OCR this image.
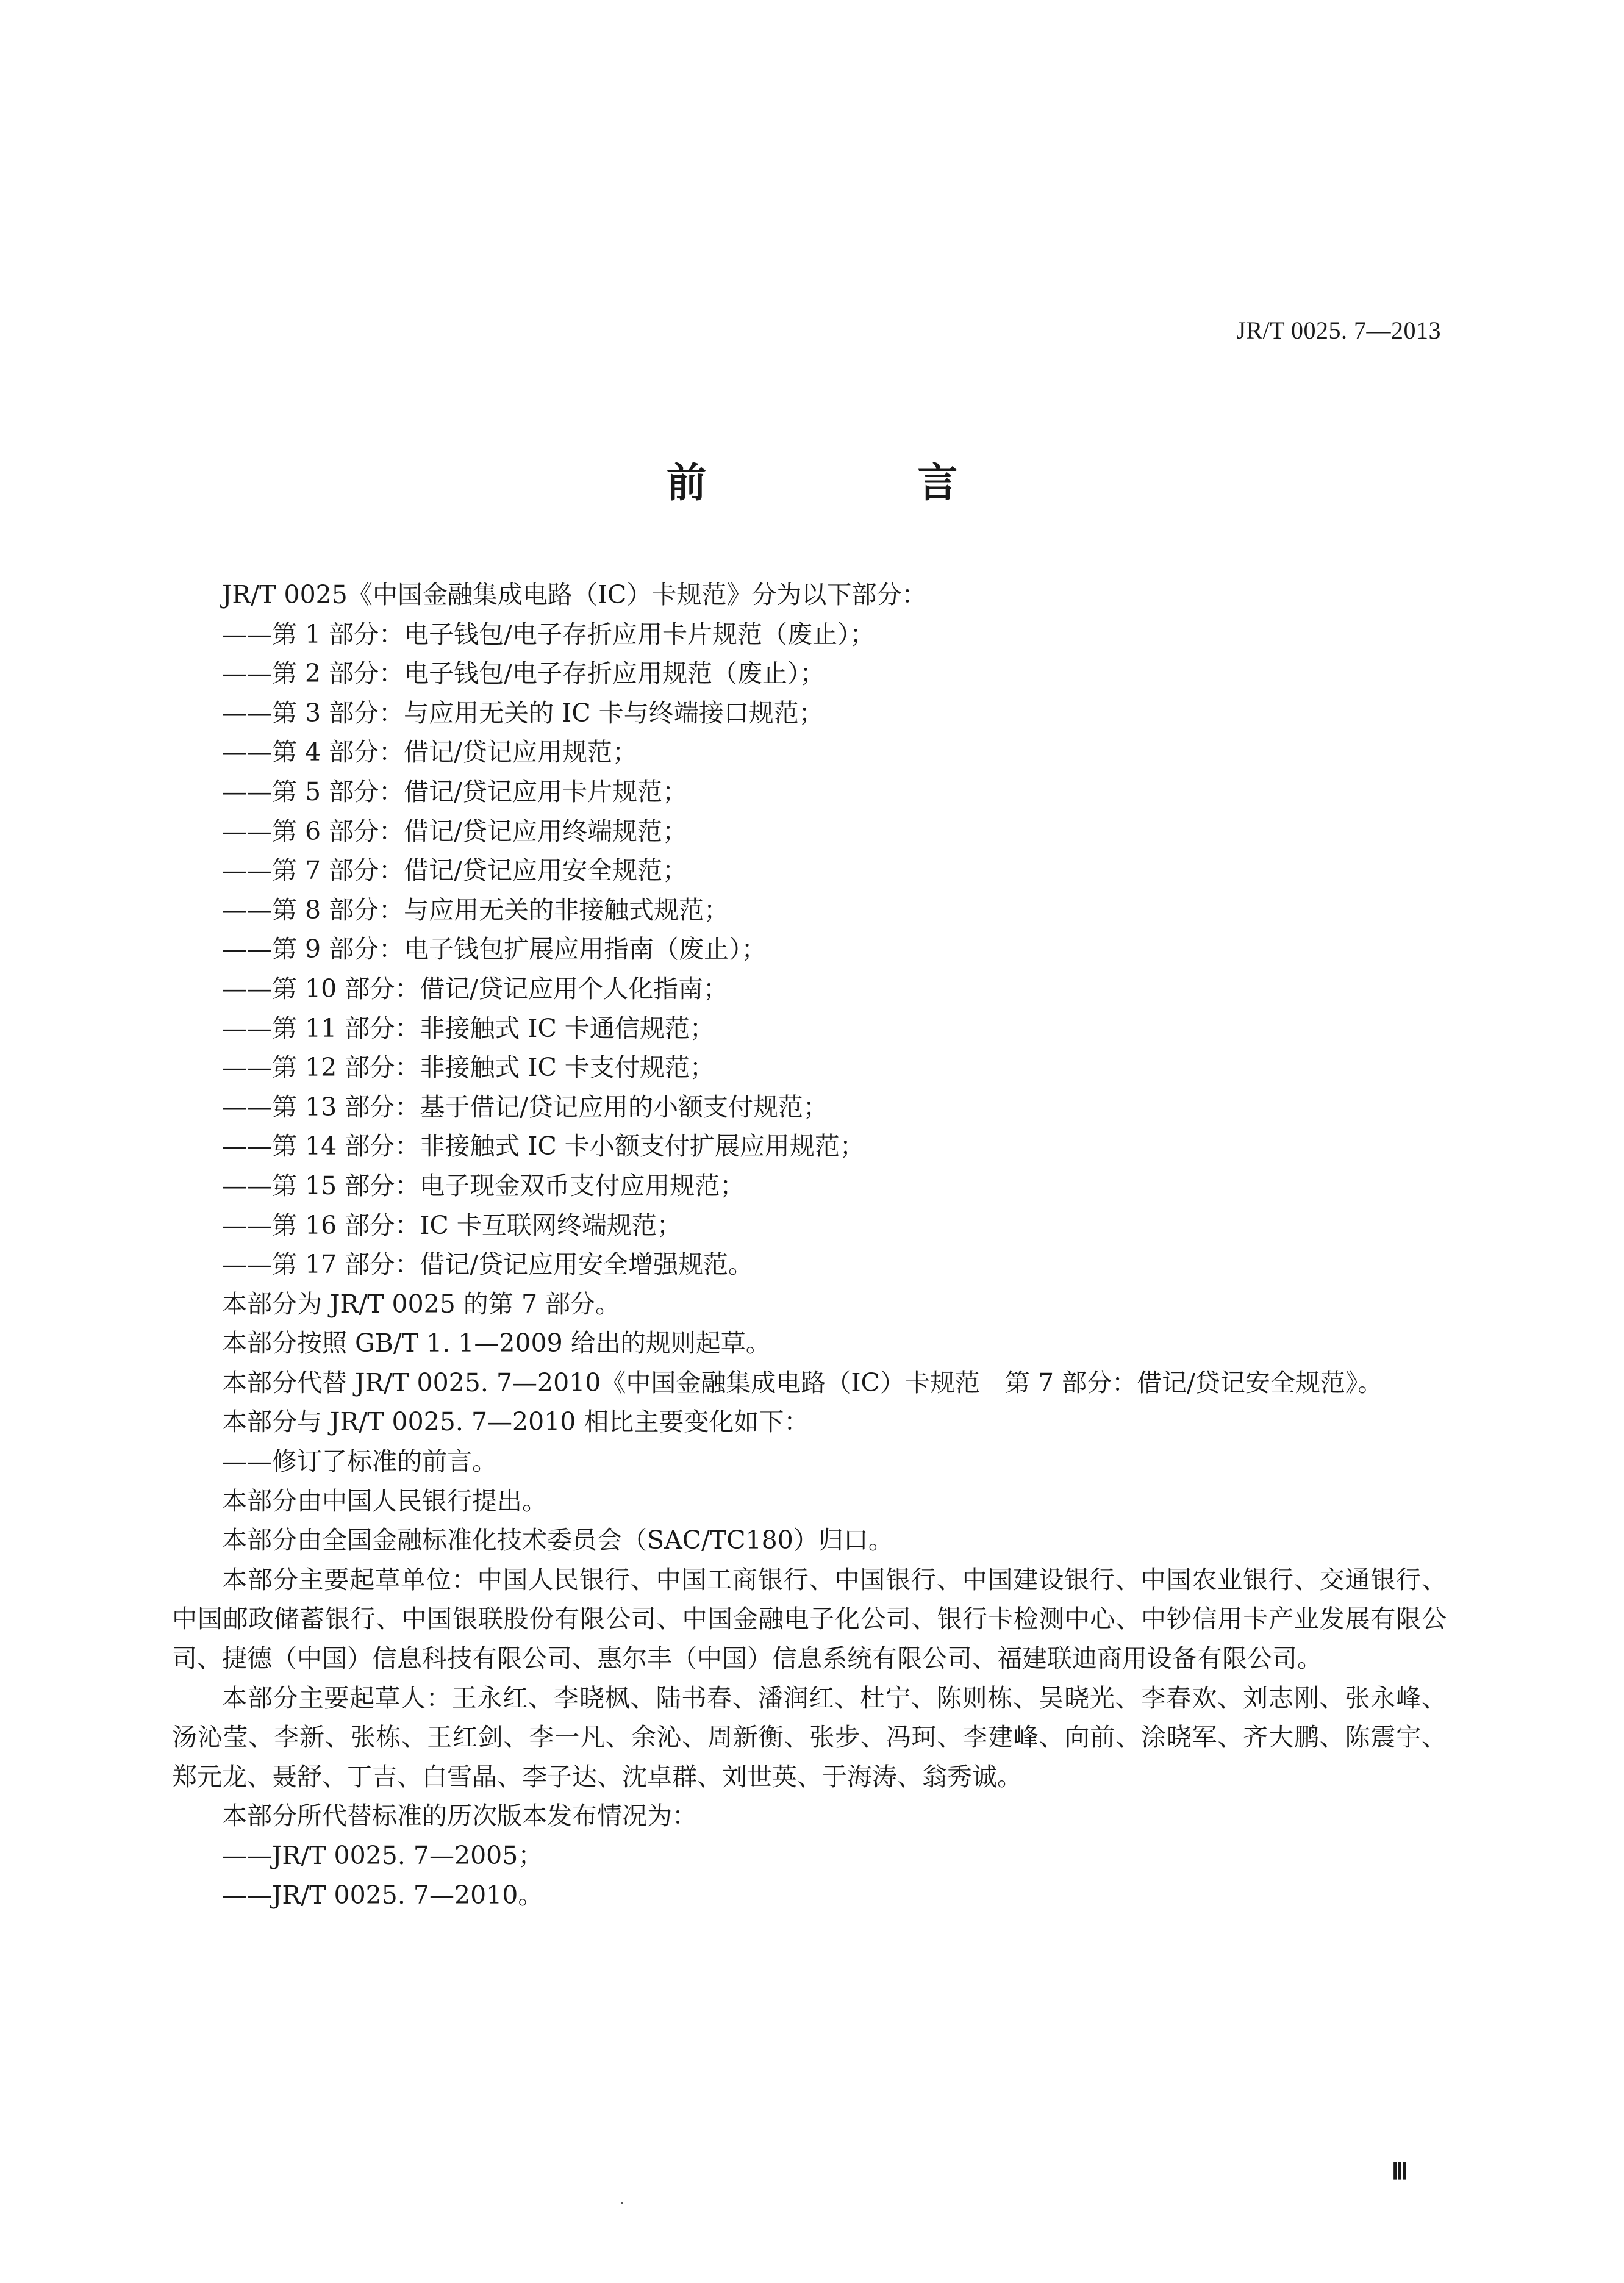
JR/T 0025. 7—2013
前　言
JR/T 0025《中国金融集成电路（IC）卡规范》分为以下部分：
——第 1 部分：电子钱包/电子存折应用卡片规范（废止）；
——第 2 部分：电子钱包/电子存折应用规范（废止）；
——第 3 部分：与应用无关的 IC 卡与终端接口规范；
——第 4 部分：借记/贷记应用规范；
——第 5 部分：借记/贷记应用卡片规范；
——第 6 部分：借记/贷记应用终端规范；
——第 7 部分：借记/贷记应用安全规范；
——第 8 部分：与应用无关的非接触式规范；
——第 9 部分：电子钱包扩展应用指南（废止）；
——第 10 部分：借记/贷记应用个人化指南；
——第 11 部分：非接触式 IC 卡通信规范；
——第 12 部分：非接触式 IC 卡支付规范；
——第 13 部分：基于借记/贷记应用的小额支付规范；
——第 14 部分：非接触式 IC 卡小额支付扩展应用规范；
——第 15 部分：电子现金双币支付应用规范；
——第 16 部分：IC 卡互联网终端规范；
——第 17 部分：借记/贷记应用安全增强规范。
本部分为 JR/T 0025 的第 7 部分。
本部分按照 GB/T 1. 1—2009 给出的规则起草。
本部分代替 JR/T 0025. 7—2010《中国金融集成电路（IC）卡规范　第 7 部分：借记/贷记安全规范》。
本部分与 JR/T 0025. 7—2010 相比主要变化如下：
——修订了标准的前言。
本部分由中国人民银行提出。
本部分由全国金融标准化技术委员会（SAC/TC180）归口。
本部分主要起草单位：中国人民银行、中国工商银行、中国银行、中国建设银行、中国农业银行、交通银行、中国邮政储蓄银行、中国银联股份有限公司、中国金融电子化公司、银行卡检测中心、中钞信用卡产业发展有限公司、捷德（中国）信息科技有限公司、惠尔丰（中国）信息系统有限公司、福建联迪商用设备有限公司。
本部分主要起草人：王永红、李晓枫、陆书春、潘润红、杜宁、陈则栋、吴晓光、李春欢、刘志刚、张永峰、汤沁莹、李新、张栋、王红剑、李一凡、余沁、周新衡、张步、冯珂、李建峰、向前、涂晓军、齐大鹏、陈震宇、郑元龙、聂舒、丁吉、白雪晶、李子达、沈卓群、刘世英、于海涛、翁秀诚。
本部分所代替标准的历次版本发布情况为：
——JR/T 0025. 7—2005；
——JR/T 0025. 7—2010。
Ⅲ
